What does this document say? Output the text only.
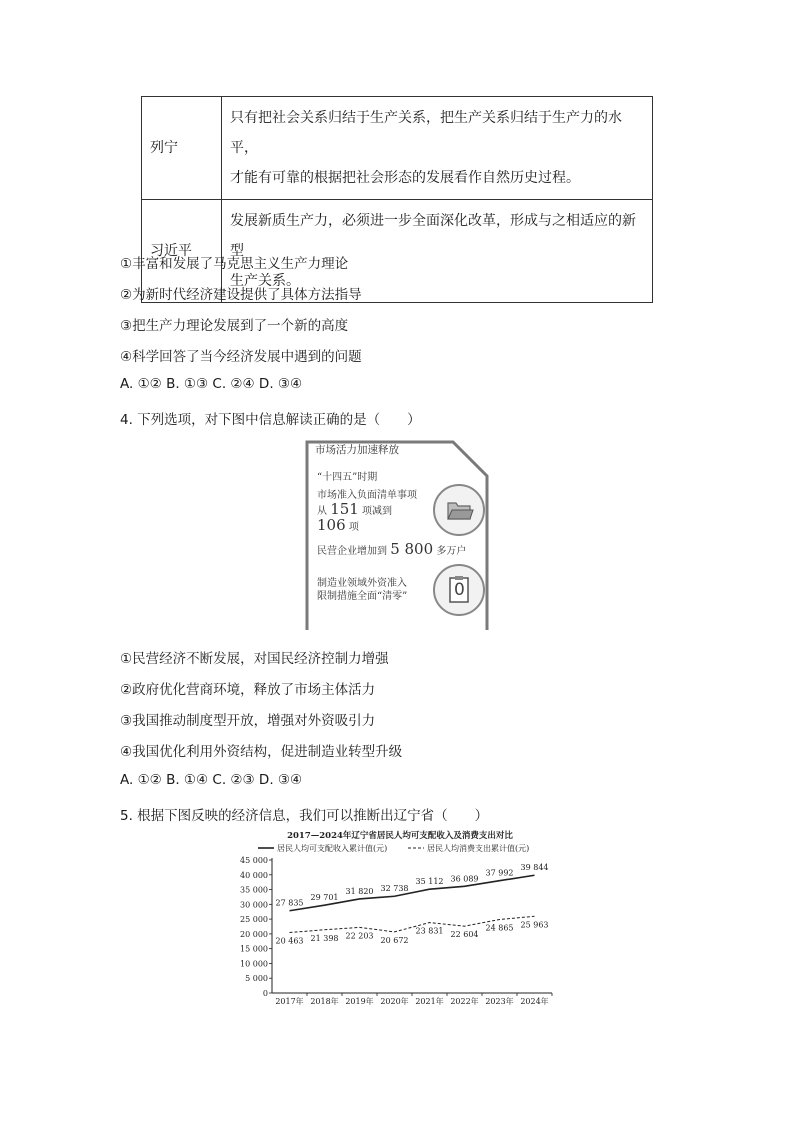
列宁	只有把社会关系归结于生产关系，把生产关系归结于生产力的水平，
才能有可靠的根据把社会形态的发展看作自然历史过程。

习近平	发展新质生产力，必须进一步全面深化改革，形成与之相适应的新型
生产关系。
①丰富和发展了马克思主义生产力理论
②为新时代经济建设提供了具体方法指导
③把生产力理论发展到了一个新的高度
④科学回答了当今经济发展中遇到的问题
A. ①② B. ①③ C. ②④ D. ③④
4. 下列选项，对下图中信息解读正确的是（　　）
市场活力加速释放
“十四五”时期
市场准入负面清单事项
从 151 项减到
106 项
民营企业增加到 5 800 多万户
制造业领域外资准入
限制措施全面“清零”	0
①民营经济不断发展，对国民经济控制力增强
②政府优化营商环境，释放了市场主体活力
③我国推动制度型开放，增强对外资吸引力
④我国优化利用外资结构，促进制造业转型升级
A. ①② B. ①④ C. ②③ D. ③④
5. 根据下图反映的经济信息，我们可以推断出辽宁省（　　）
2017—2024年辽宁省居民人均可支配收入及消费支出对比
居民人均可支配收入累计值(元)	居民人均消费支出累计值(元)
0
5 000
10 000
15 000
20 000
25 000
30 000
35 000
40 000
45 000
2017年 2018年 2019年 2020年 2021年 2022年 2023年 2024年
27 835
29 701
31 820 32 738
35 112 36 089
37 992
39 844
20 463 21 398 22 203
20 672
23 831 22 604
24 865 25 963
